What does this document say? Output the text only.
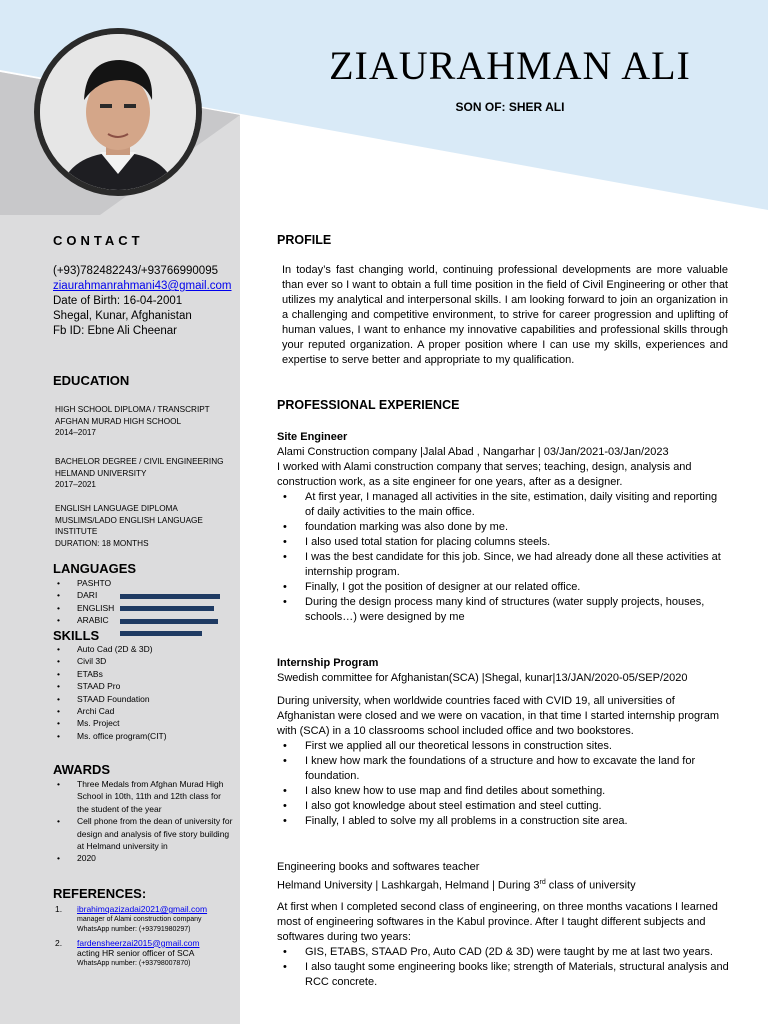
ZIAURAHMAN ALI
SON OF: SHER ALI
CONTACT
(+93)782482243/+93766990095
ziaurahmanrahmani43@gmail.com
Date of Birth: 16-04-2001
Shegal, Kunar, Afghanistan
Fb ID: Ebne Ali Cheenar
EDUCATION
HIGH SCHOOL DIPLOMA / TRANSCRIPT
AFGHAN MURAD HIGH SCHOOL
2014–2017
BACHELOR DEGREE / CIVIL ENGINEERING
HELMAND UNIVERSITY
2017–2021
ENGLISH LANGUAGE DIPLOMA
MUSLIMS/LADO ENGLISH LANGUAGE
INSTITUTE
DURATION: 18 MONTHS
LANGUAGES
• PASHTO
• DARI
• ENGLISH
• ARABIC
SKILLS
• Auto Cad (2D & 3D)
• Civil 3D
• ETABs
• STAAD Pro
• STAAD Foundation
• Archi Cad
• Ms. Project
• Ms. office program(CIT)
AWARDS
• Three Medals from Afghan Murad High School in 10th, 11th and 12th class for the student of the year
• Cell phone from the dean of university for design and analysis of five story building at Helmand university in
• 2020
REFERENCES:
1. ibrahimqazizadai2021@gmail.com
manager of Alami construction company
WhatsApp number: (+93791980297)
2. fardensheerzai2015@gmail.com
acting HR senior officer of SCA
WhatsApp number: (+93798007870)
PROFILE
In today’s fast changing world, continuing professional developments are more valuable than ever so I want to obtain a full time position in the field of Civil Engineering or other that utilizes my analytical and interpersonal skills. I am looking forward to join an organization in a challenging and competitive environment, to strive for career progression and uplifting of human values, I want to enhance my innovative capabilities and professional skills through your reputed organization. A proper position where I can use my skills, experiences and expertise to serve better and appropriate to my qualification.
PROFESSIONAL EXPERIENCE
Site Engineer
Alami Construction company |Jalal Abad , Nangarhar | 03/Jan/2021-03/Jan/2023
I worked with Alami construction company that serves; teaching, design, analysis and construction work, as a site engineer for one years, after as a designer.
• At first year, I managed all activities in the site, estimation, daily visiting and reporting of daily activities to the main office.
• foundation marking was also done by me.
• I also used total station for placing columns steels.
• I was the best candidate for this job. Since, we had already done all these activities at internship program.
• Finally, I got the position of designer at our related office.
• During the design process many kind of structures (water supply projects, houses, schools…) were designed by me
Internship Program
Swedish committee for Afghanistan(SCA) |Shegal, kunar|13/JAN/2020-05/SEP/2020
During university, when worldwide countries faced with CVID 19, all universities of Afghanistan were closed and we were on vacation, in that time I started internship program with (SCA) in a 10 classrooms school included office and two bookstores.
• First we applied all our theoretical lessons in construction sites.
• I knew how mark the foundations of a structure and how to excavate the land for foundation.
• I also knew how to use map and find detiles about something.
• I also got knowledge about steel estimation and steel cutting.
• Finally, I abled to solve my all problems in a construction site area.
Engineering books and softwares teacher
Helmand University | Lashkargah, Helmand | During 3rd class of university
At first when I completed second class of engineering, on three months vacations I learned most of engineering softwares in the Kabul province. After I taught different subjects and softwares during two years:
• GIS, ETABS, STAAD Pro, Auto CAD (2D & 3D) were taught by me at last two years.
• I also taught some engineering books like; strength of Materials, structural analysis and RCC concrete.
